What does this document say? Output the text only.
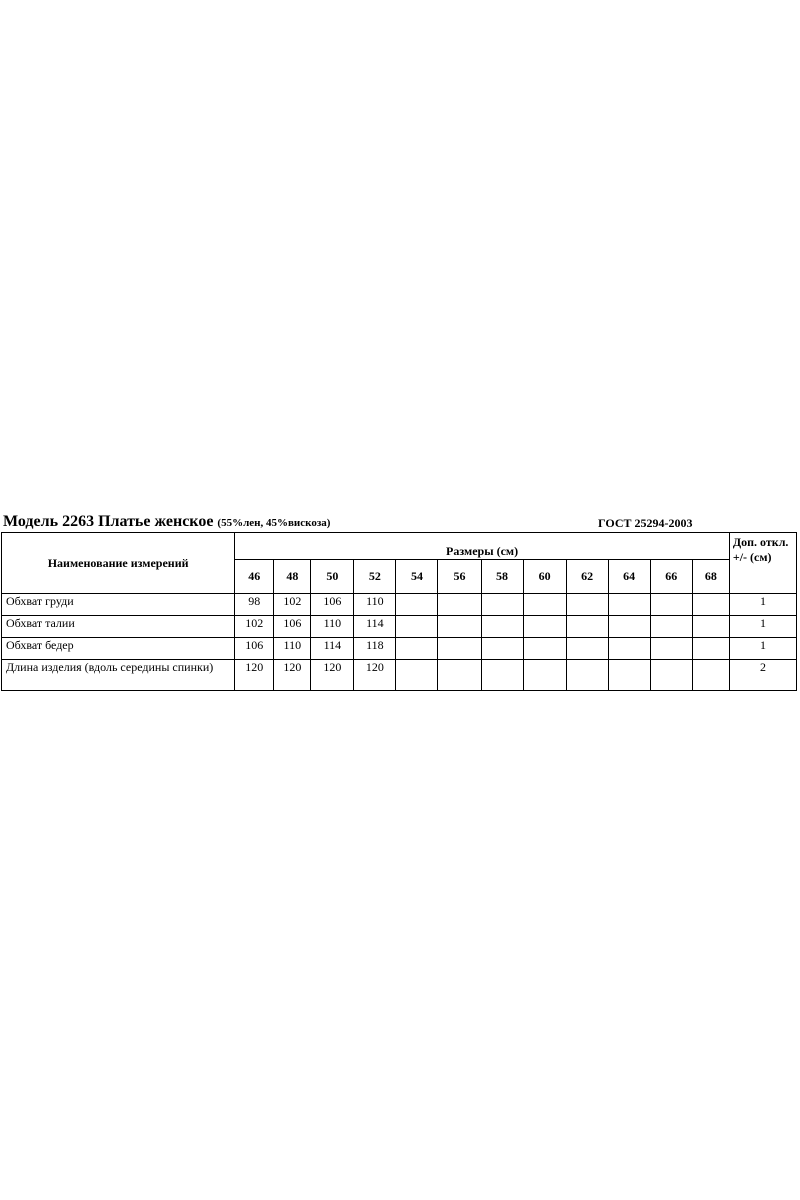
Модель 2263 Платье женское (55%лен, 45%вискоза)	ГОСТ 25294-2003
Наименование измерений	Размеры (см)												Доп. откл. +/- (см)
	46	48	50	52	54	56	58	60	62	64	66	68	
Обхват груди	98	102	106	110									1
Обхват талии	102	106	110	114									1
Обхват бедер	106	110	114	118									1
Длина изделия (вдоль середины спинки)	120	120	120	120									2
